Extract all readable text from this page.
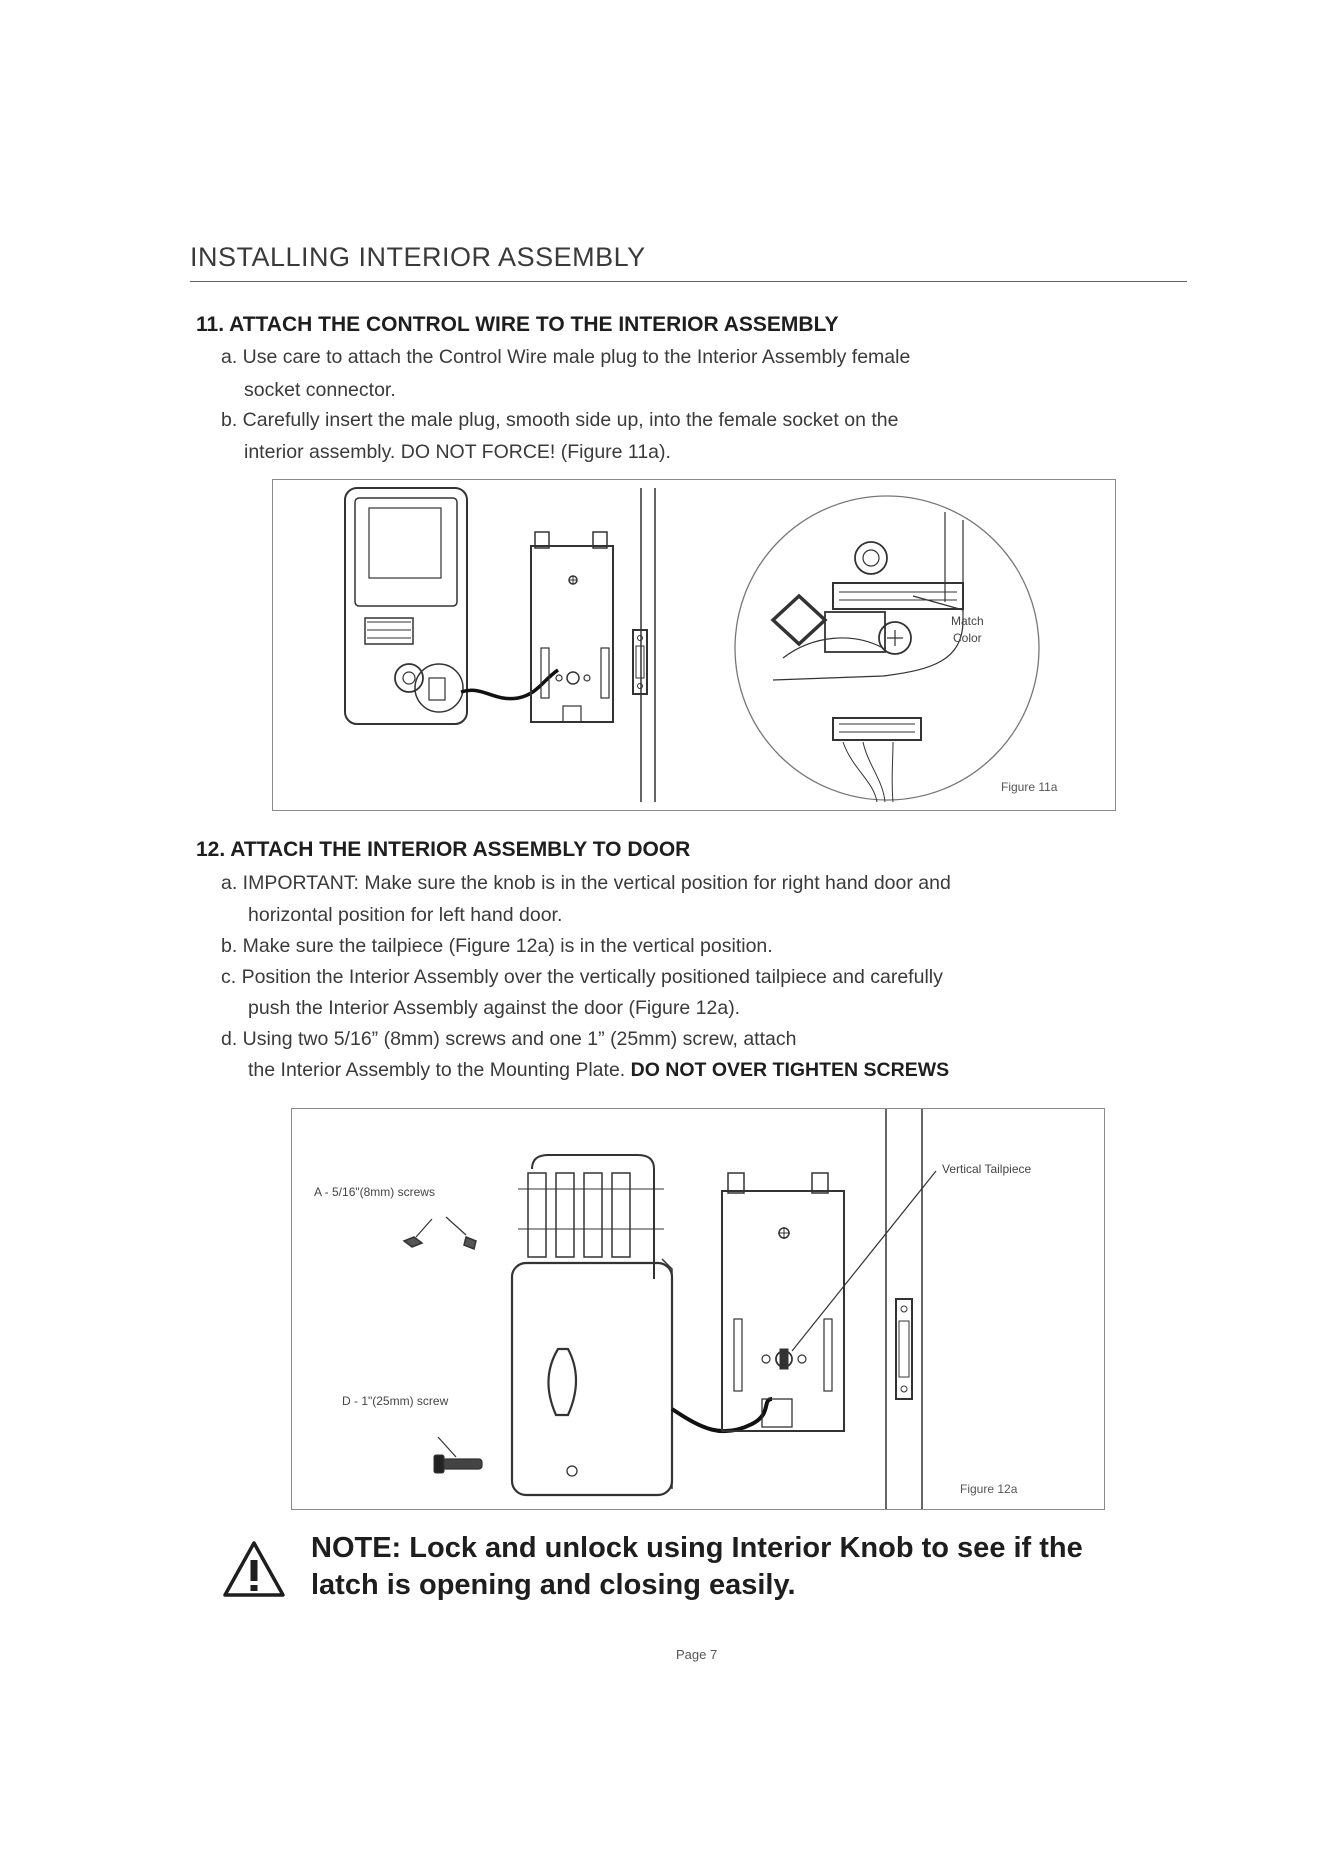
INSTALLING INTERIOR ASSEMBLY
11. ATTACH THE CONTROL WIRE TO THE INTERIOR ASSEMBLY
a. Use care to attach the Control Wire male plug to the Interior Assembly female
socket connector.
b. Carefully insert the male plug, smooth side up, into the female socket on the
interior assembly. DO NOT FORCE! (Figure 11a).
Match
Color
Figure 11a
12. ATTACH THE INTERIOR ASSEMBLY TO DOOR
a. IMPORTANT: Make sure the knob is in the vertical position for right hand door and
horizontal position for left hand door.
b. Make sure the tailpiece (Figure 12a) is in the vertical position.
c. Position the Interior Assembly over the vertically positioned tailpiece and carefully
push the Interior Assembly against the door (Figure 12a).
d. Using two 5/16” (8mm) screws and one 1” (25mm) screw, attach
the Interior Assembly to the Mounting Plate. DO NOT OVER TIGHTEN SCREWS
A - 5/16"(8mm) screws
D - 1"(25mm) screw
Vertical Tailpiece
Figure 12a
NOTE: Lock and unlock using Interior Knob to see if the
latch is opening and closing easily.
Page 7
